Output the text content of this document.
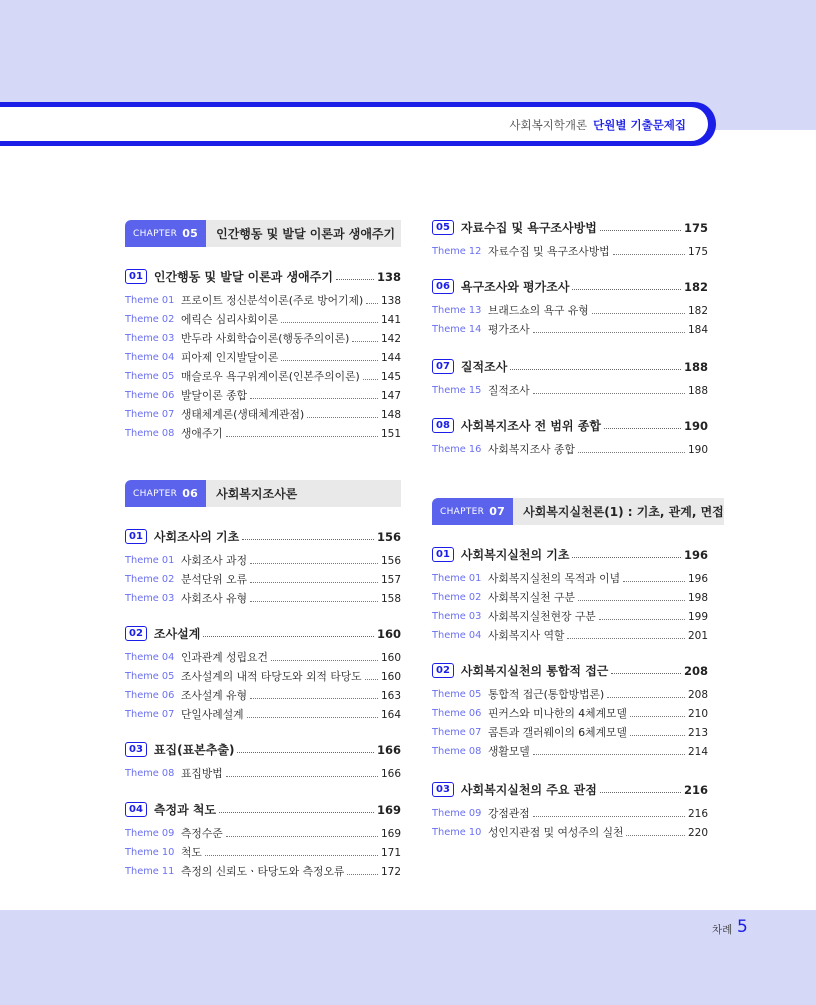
사회복지학개론 단원별 기출문제집
CHAPTER 05	인간행동 및 발달 이론과 생애주기
01 인간행동 및 발달 이론과 생애주기	138
Theme 01 프로이트 정신분석이론(주로 방어기제) 138
Theme 02 에릭슨 심리사회이론	141
Theme 03 반두라 사회학습이론(행동주의이론)	142
Theme 04 피아제 인지발달이론	144
Theme 05 매슬로우 욕구위계이론(인본주의이론) 145
Theme 06 발달이론 종합	147
Theme 07 생태체계론(생태체계관점)	148
Theme 08 생애주기	151
CHAPTER 06	사회복지조사론
01 사회조사의 기초	156
Theme 01 사회조사 과정	156
Theme 02 분석단위 오류	157
Theme 03 사회조사 유형	158
02 조사설계	160
Theme 04 인과관계 성립요건	160
Theme 05 조사설계의 내적 타당도와 외적 타당도 160
Theme 06 조사설계 유형	163
Theme 07 단일사례설계	164
03 표집(표본추출)	166
Theme 08 표집방법	166
04 측정과 척도	169
Theme 09 측정수준	169
Theme 10 척도	171
Theme 11 측정의 신뢰도ㆍ타당도와 측정오류	172
05 자료수집 및 욕구조사방법	175
Theme 12 자료수집 및 욕구조사방법	175
06 욕구조사와 평가조사	182
Theme 13 브래드쇼의 욕구 유형	182
Theme 14 평가조사	184
07 질적조사	188
Theme 15 질적조사	188
08 사회복지조사 전 범위 종합	190
Theme 16 사회복지조사 종합	190
CHAPTER 07	사회복지실천론(1) : 기초, 관계, 면접
01 사회복지실천의 기초	196
Theme 01 사회복지실천의 목적과 이념	196
Theme 02 사회복지실천 구분	198
Theme 03 사회복지실천현장 구분	199
Theme 04 사회복지사 역할	201
02 사회복지실천의 통합적 접근	208
Theme 05 통합적 접근(통합방법론)	208
Theme 06 핀커스와 미나한의 4체계모델	210
Theme 07 콤튼과 갤러웨이의 6체계모델	213
Theme 08 생활모델	214
03 사회복지실천의 주요 관점	216
Theme 09 강점관점	216
Theme 10 성인지관점 및 여성주의 실천	220
차례 5
